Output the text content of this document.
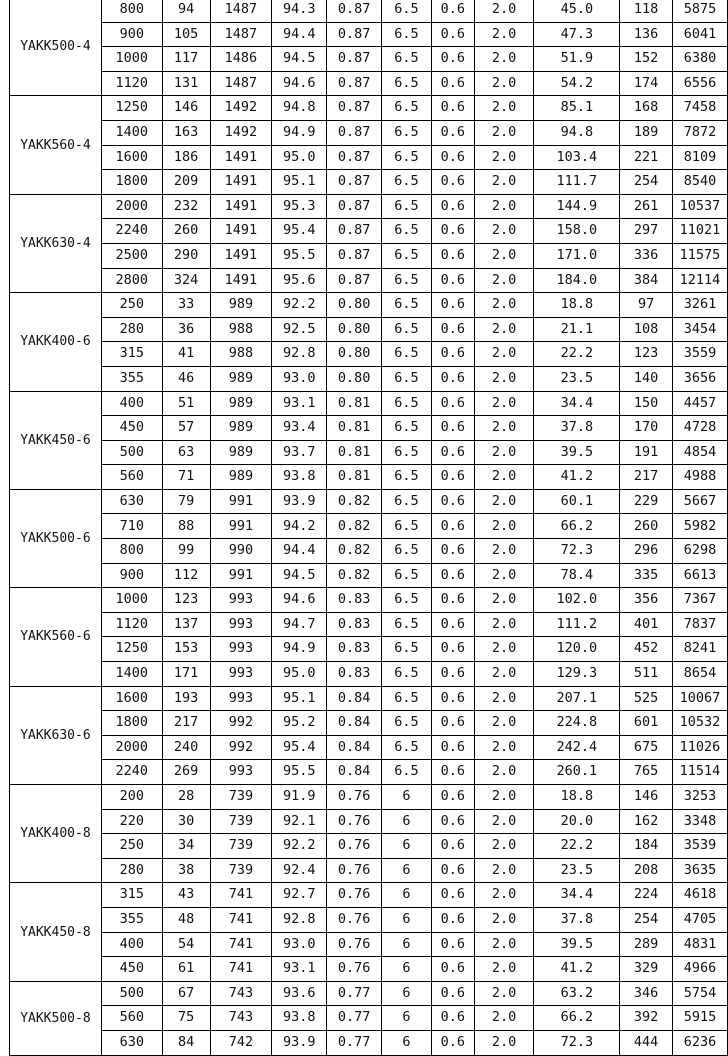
YAKK500-4	800	94	1487	94.3	0.87	6.5	0.6	2.0	45.0	118	5875
	900	105	1487	94.4	0.87	6.5	0.6	2.0	47.3	136	6041
	1000	117	1486	94.5	0.87	6.5	0.6	2.0	51.9	152	6380
	1120	131	1487	94.6	0.87	6.5	0.6	2.0	54.2	174	6556
YAKK560-4	1250	146	1492	94.8	0.87	6.5	0.6	2.0	85.1	168	7458
	1400	163	1492	94.9	0.87	6.5	0.6	2.0	94.8	189	7872
	1600	186	1491	95.0	0.87	6.5	0.6	2.0	103.4	221	8109
	1800	209	1491	95.1	0.87	6.5	0.6	2.0	111.7	254	8540
YAKK630-4	2000	232	1491	95.3	0.87	6.5	0.6	2.0	144.9	261	10537
	2240	260	1491	95.4	0.87	6.5	0.6	2.0	158.0	297	11021
	2500	290	1491	95.5	0.87	6.5	0.6	2.0	171.0	336	11575
	2800	324	1491	95.6	0.87	6.5	0.6	2.0	184.0	384	12114
YAKK400-6	250	33	989	92.2	0.80	6.5	0.6	2.0	18.8	97	3261
	280	36	988	92.5	0.80	6.5	0.6	2.0	21.1	108	3454
	315	41	988	92.8	0.80	6.5	0.6	2.0	22.2	123	3559
	355	46	989	93.0	0.80	6.5	0.6	2.0	23.5	140	3656
YAKK450-6	400	51	989	93.1	0.81	6.5	0.6	2.0	34.4	150	4457
	450	57	989	93.4	0.81	6.5	0.6	2.0	37.8	170	4728
	500	63	989	93.7	0.81	6.5	0.6	2.0	39.5	191	4854
	560	71	989	93.8	0.81	6.5	0.6	2.0	41.2	217	4988
YAKK500-6	630	79	991	93.9	0.82	6.5	0.6	2.0	60.1	229	5667
	710	88	991	94.2	0.82	6.5	0.6	2.0	66.2	260	5982
	800	99	990	94.4	0.82	6.5	0.6	2.0	72.3	296	6298
	900	112	991	94.5	0.82	6.5	0.6	2.0	78.4	335	6613
YAKK560-6	1000	123	993	94.6	0.83	6.5	0.6	2.0	102.0	356	7367
	1120	137	993	94.7	0.83	6.5	0.6	2.0	111.2	401	7837
	1250	153	993	94.9	0.83	6.5	0.6	2.0	120.0	452	8241
	1400	171	993	95.0	0.83	6.5	0.6	2.0	129.3	511	8654
YAKK630-6	1600	193	993	95.1	0.84	6.5	0.6	2.0	207.1	525	10067
	1800	217	992	95.2	0.84	6.5	0.6	2.0	224.8	601	10532
	2000	240	992	95.4	0.84	6.5	0.6	2.0	242.4	675	11026
	2240	269	993	95.5	0.84	6.5	0.6	2.0	260.1	765	11514
YAKK400-8	200	28	739	91.9	0.76	6	0.6	2.0	18.8	146	3253
	220	30	739	92.1	0.76	6	0.6	2.0	20.0	162	3348
	250	34	739	92.2	0.76	6	0.6	2.0	22.2	184	3539
	280	38	739	92.4	0.76	6	0.6	2.0	23.5	208	3635
YAKK450-8	315	43	741	92.7	0.76	6	0.6	2.0	34.4	224	4618
	355	48	741	92.8	0.76	6	0.6	2.0	37.8	254	4705
	400	54	741	93.0	0.76	6	0.6	2.0	39.5	289	4831
	450	61	741	93.1	0.76	6	0.6	2.0	41.2	329	4966
YAKK500-8	500	67	743	93.6	0.77	6	0.6	2.0	63.2	346	5754
	560	75	743	93.8	0.77	6	0.6	2.0	66.2	392	5915
	630	84	742	93.9	0.77	6	0.6	2.0	72.3	444	6236
